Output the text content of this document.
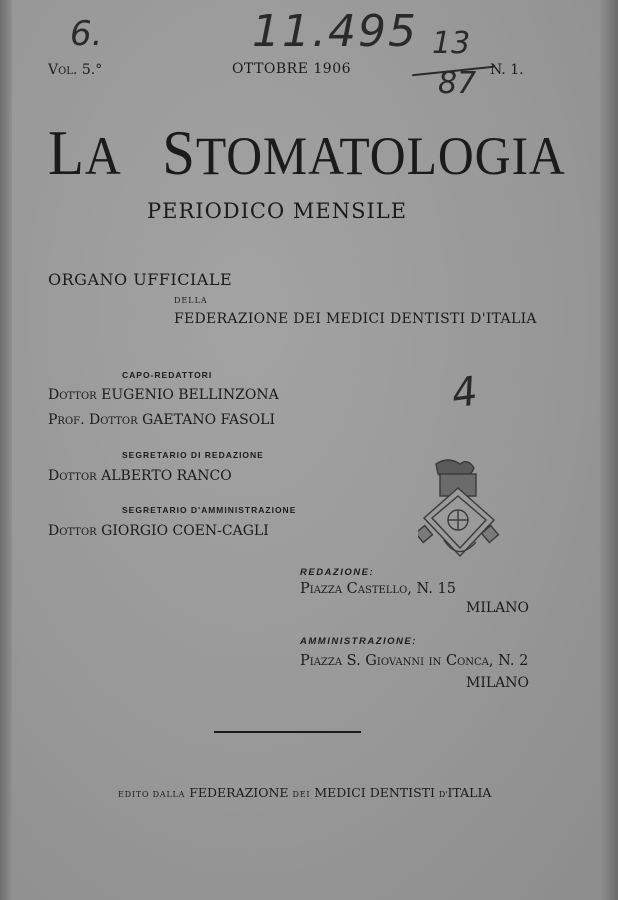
6.	11.495 13
87
4
Vol. 5.°	OTTOBRE 1906	N. 1.
LA STOMATOLOGIA
PERIODICO MENSILE
ORGANO UFFICIALE
DELLA
FEDERAZIONE DEI MEDICI DENTISTI D'ITALIA
CAPO-REDATTORI
Dottor EUGENIO BELLINZONA
Prof. Dottor GAETANO FASOLI
SEGRETARIO DI REDAZIONE
Dottor ALBERTO RANCO
SEGRETARIO D'AMMINISTRAZIONE
Dottor GIORGIO COEN-CAGLI
REDAZIONE:
Piazza Castello, N. 15
MILANO
AMMINISTRAZIONE:
Piazza S. Giovanni in Conca, N. 2
MILANO
EDITO DALLA FEDERAZIONE DEI MEDICI DENTISTI D'ITALIA
